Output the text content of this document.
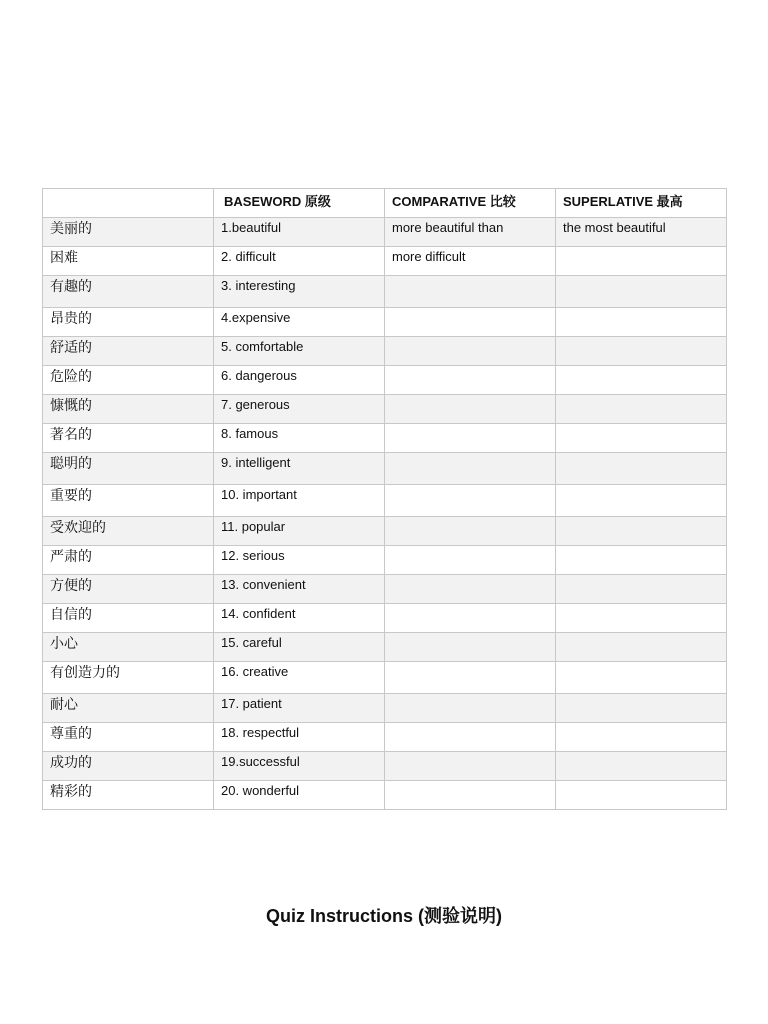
	BASEWORD 原级	COMPARATIVE 比较	SUPERLATIVE 最高
美丽的	1.beautiful	more beautiful than	the most beautiful
困难	2. difficult	more difficult	
有趣的	3. interesting		
昂贵的	4.expensive		
舒适的	5. comfortable		
危险的	6. dangerous		
慷慨的	7. generous		
著名的	8. famous		
聪明的	9. intelligent		
重要的	10. important		
受欢迎的	11. popular		
严肃的	12. serious		
方便的	13. convenient		
自信的	14. confident		
小心	15. careful		
有创造力的	16. creative		
耐心	17. patient		
尊重的	18. respectful		
成功的	19.successful		
精彩的	20. wonderful		
Quiz Instructions (测验说明)
